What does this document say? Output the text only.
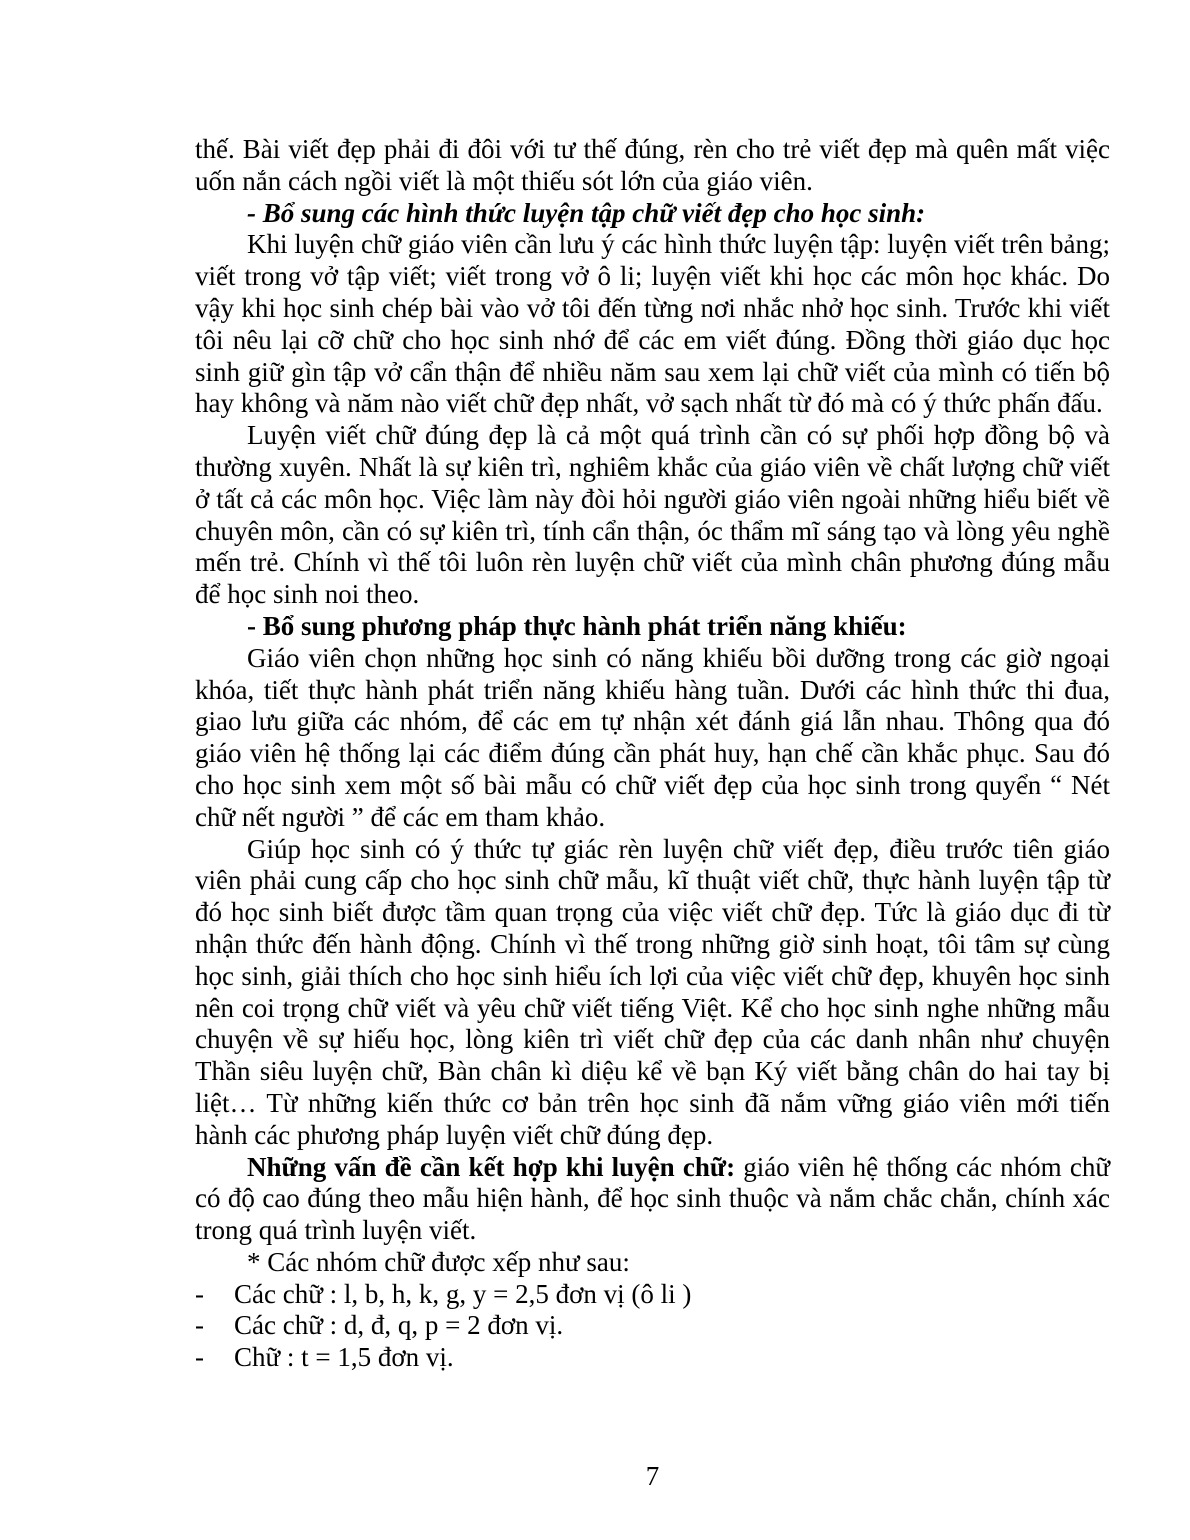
thế. Bài viết đẹp phải đi đôi với tư thế đúng, rèn cho trẻ viết đẹp mà quên mất việc uốn nắn cách ngồi viết là một thiếu sót lớn của giáo viên.

- Bổ sung các hình thức luyện tập chữ viết đẹp cho học sinh:

Khi luyện chữ giáo viên cần lưu ý các hình thức luyện tập: luyện viết trên bảng; viết trong vở tập viết; viết trong vở ô li; luyện viết khi học các môn học khác. Do vậy khi học sinh chép bài vào vở tôi đến từng nơi nhắc nhở học sinh. Trước khi viết tôi nêu lại cỡ chữ cho học sinh nhớ để các em viết đúng. Đồng thời giáo dục học sinh giữ gìn tập vở cẩn thận để nhiều năm sau xem lại chữ viết của mình có tiến bộ hay không và năm nào viết chữ đẹp nhất, vở sạch nhất từ đó mà có ý thức phấn đấu.

Luyện viết chữ đúng đẹp là cả một quá trình cần có sự phối hợp đồng bộ và thường xuyên. Nhất là sự kiên trì, nghiêm khắc của giáo viên về chất lượng chữ viết ở tất cả các môn học. Việc làm này đòi hỏi người giáo viên ngoài những hiểu biết về chuyên môn, cần có sự kiên trì, tính cẩn thận, óc thẩm mĩ sáng tạo và lòng yêu nghề mến trẻ. Chính vì thế tôi luôn rèn luyện chữ viết của mình chân phương đúng mẫu để học sinh noi theo.

- Bổ sung phương pháp thực hành phát triển năng khiếu:

Giáo viên chọn những học sinh có năng khiếu bồi dưỡng trong các giờ ngoại khóa, tiết thực hành phát triển năng khiếu hàng tuần. Dưới các hình thức thi đua, giao lưu giữa các nhóm, để các em tự nhận xét đánh giá lẫn nhau. Thông qua đó giáo viên hệ thống lại các điểm đúng cần phát huy, hạn chế cần khắc phục. Sau đó cho học sinh xem một số bài mẫu có chữ viết đẹp của học sinh trong quyển “ Nét chữ nết người ” để các em tham khảo.

Giúp học sinh có ý thức tự giác rèn luyện chữ viết đẹp, điều trước tiên giáo viên phải cung cấp cho học sinh chữ mẫu, kĩ thuật viết chữ, thực hành luyện tập từ đó học sinh biết được tầm quan trọng của việc viết chữ đẹp. Tức là giáo dục đi từ nhận thức đến hành động. Chính vì thế trong những giờ sinh hoạt, tôi tâm sự cùng học sinh, giải thích cho học sinh hiểu ích lợi của việc viết chữ đẹp, khuyên học sinh nên coi trọng chữ viết và yêu chữ viết tiếng Việt. Kể cho học sinh nghe những mẫu chuyện về sự hiếu học, lòng kiên trì viết chữ đẹp của các danh nhân như chuyện Thần siêu luyện chữ, Bàn chân kì diệu kể về bạn Ký viết bằng chân do hai tay bị liệt… Từ những kiến thức cơ bản trên học sinh đã nắm vững giáo viên mới tiến hành các phương pháp luyện viết chữ đúng đẹp.

Những vấn đề cần kết hợp khi luyện chữ: giáo viên hệ thống các nhóm chữ có độ cao đúng theo mẫu hiện hành, để học sinh thuộc và nắm chắc chắn, chính xác trong quá trình luyện viết.

* Các nhóm chữ được xếp như sau:

- Các chữ : l, b, h, k, g, y = 2,5 đơn vị (ô li )

- Các chữ : d, đ, q, p = 2 đơn vị.

- Chữ : t = 1,5 đơn vị.

7
